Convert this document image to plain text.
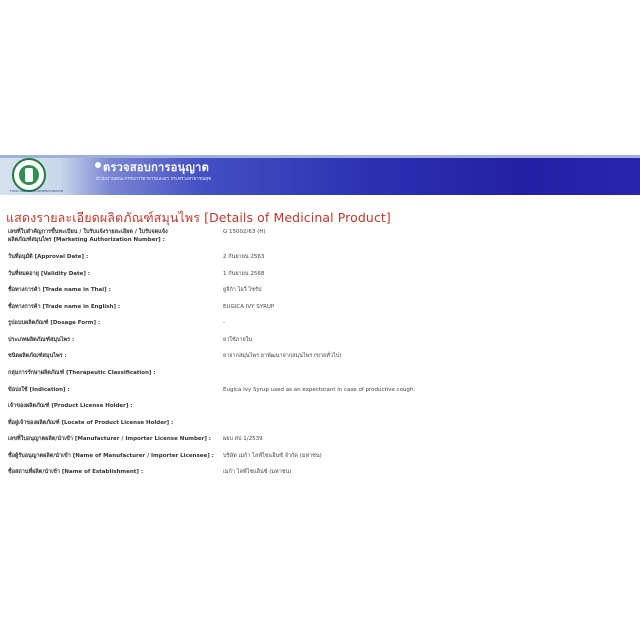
FOOD AND DRUG ADMINISTRATION
ตรวจสอบการอนุญาต
สำนักงานคณะกรรมการอาหารและยา กระทรวงสาธารณสุข
แสดงรายละเอียดผลิตภัณฑ์สมุนไพร [Details of Medicinal Product]
เลขที่ใบสำคัญการขึ้นทะเบียน / ใบรับแจ้งรายละเอียด / ใบรับจดแจ้ง
ผลิตภัณฑ์สมุนไพร [Marketing Authorization Number] :
G 15002/63 (H)
วันที่อนุมัติ [Approval Date] :	2 กันยายน 2563
วันที่หมดอายุ [Validity Date] :	1 กันยายน 2568
ชื่อทางการค้า [Trade name in Thai] :	ยูจิก้า ไอวี่ ไซรัป
ชื่อทางการค้า [Trade name in English] :	EUGICA IVY SYRUP
รูปแบบผลิตภัณฑ์ [Dosage Form] :	-
ประเภทผลิตภัณฑ์สมุนไพร :	ยาใช้ภายใน
ชนิดผลิตภัณฑ์สมุนไพร :	ยาจากสมุนไพร ยาพัฒนาจากสมุนไพร (ขายทั่วไป)
กลุ่มการรักษาผลิตภัณฑ์ [Therapeutic Classification] :
ข้อบ่งใช้ [Indication] :	Eugica Ivy Syrup used as an expectorant in case of productive cough.
เจ้าของผลิตภัณฑ์ [Product License Holder] :
ที่อยู่เจ้าของผลิตภัณฑ์ [Locate of Product License Holder] :
เลขที่ใบอนุญาตผลิต/นำเข้า [Manufacturer / Importer License Number] : ผยบ สป 1/2539
ชื่อผู้รับอนุญาตผลิต/นำเข้า [Name of Manufacturer / Importer Licensee] : บริษัท เมก้า ไลฟ์ไซแอ็นซ์ จำกัด (มหาชน)
ชื่อสถานที่ผลิต/นำเข้า [Name of Establishment] :	เมก้า ไลฟ์ไซแอ็นซ์ (มหาชน)
